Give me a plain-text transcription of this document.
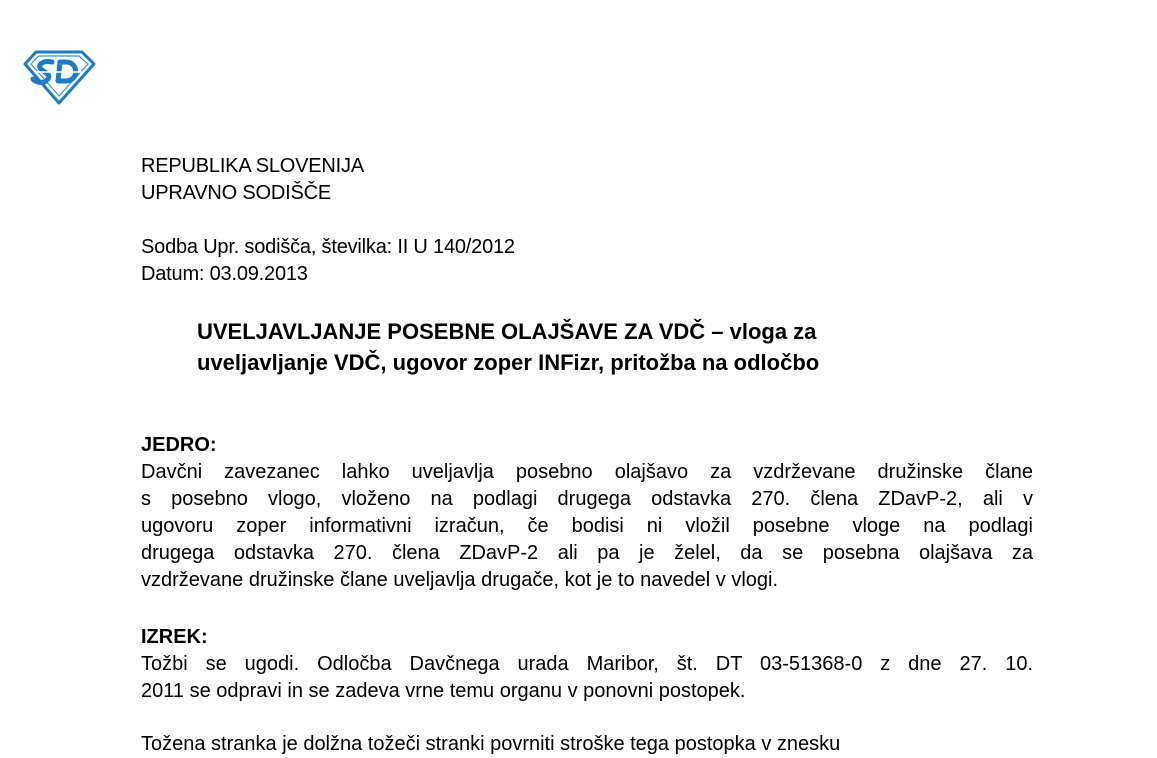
REPUBLIKA SLOVENIJA
UPRAVNO SODIŠČE
Sodba Upr. sodišča, številka: II U 140/2012
Datum: 03.09.2013
UVELJAVLJANJE POSEBNE OLAJŠAVE ZA VDČ – vloga za
uveljavljanje VDČ, ugovor zoper INFizr, pritožba na odločbo

JEDRO:

Davčni zavezanec lahko uveljavlja posebno olajšavo za vzdrževane družinske člane
s posebno vlogo, vloženo na podlagi drugega odstavka 270. člena ZDavP-2, ali v
ugovoru zoper informativni izračun, če bodisi ni vložil posebne vloge na podlagi
drugega odstavka 270. člena ZDavP-2 ali pa je želel, da se posebna olajšava za
vzdrževane družinske člane uveljavlja drugače, kot je to navedel v vlogi.

IZREK:

Tožbi se ugodi. Odločba Davčnega urada Maribor, št. DT 03-51368-0 z dne 27. 10.
2011 se odpravi in se zadeva vrne temu organu v ponovni postopek.
Tožena stranka je dolžna tožeči stranki povrniti stroške tega postopka v znesku
